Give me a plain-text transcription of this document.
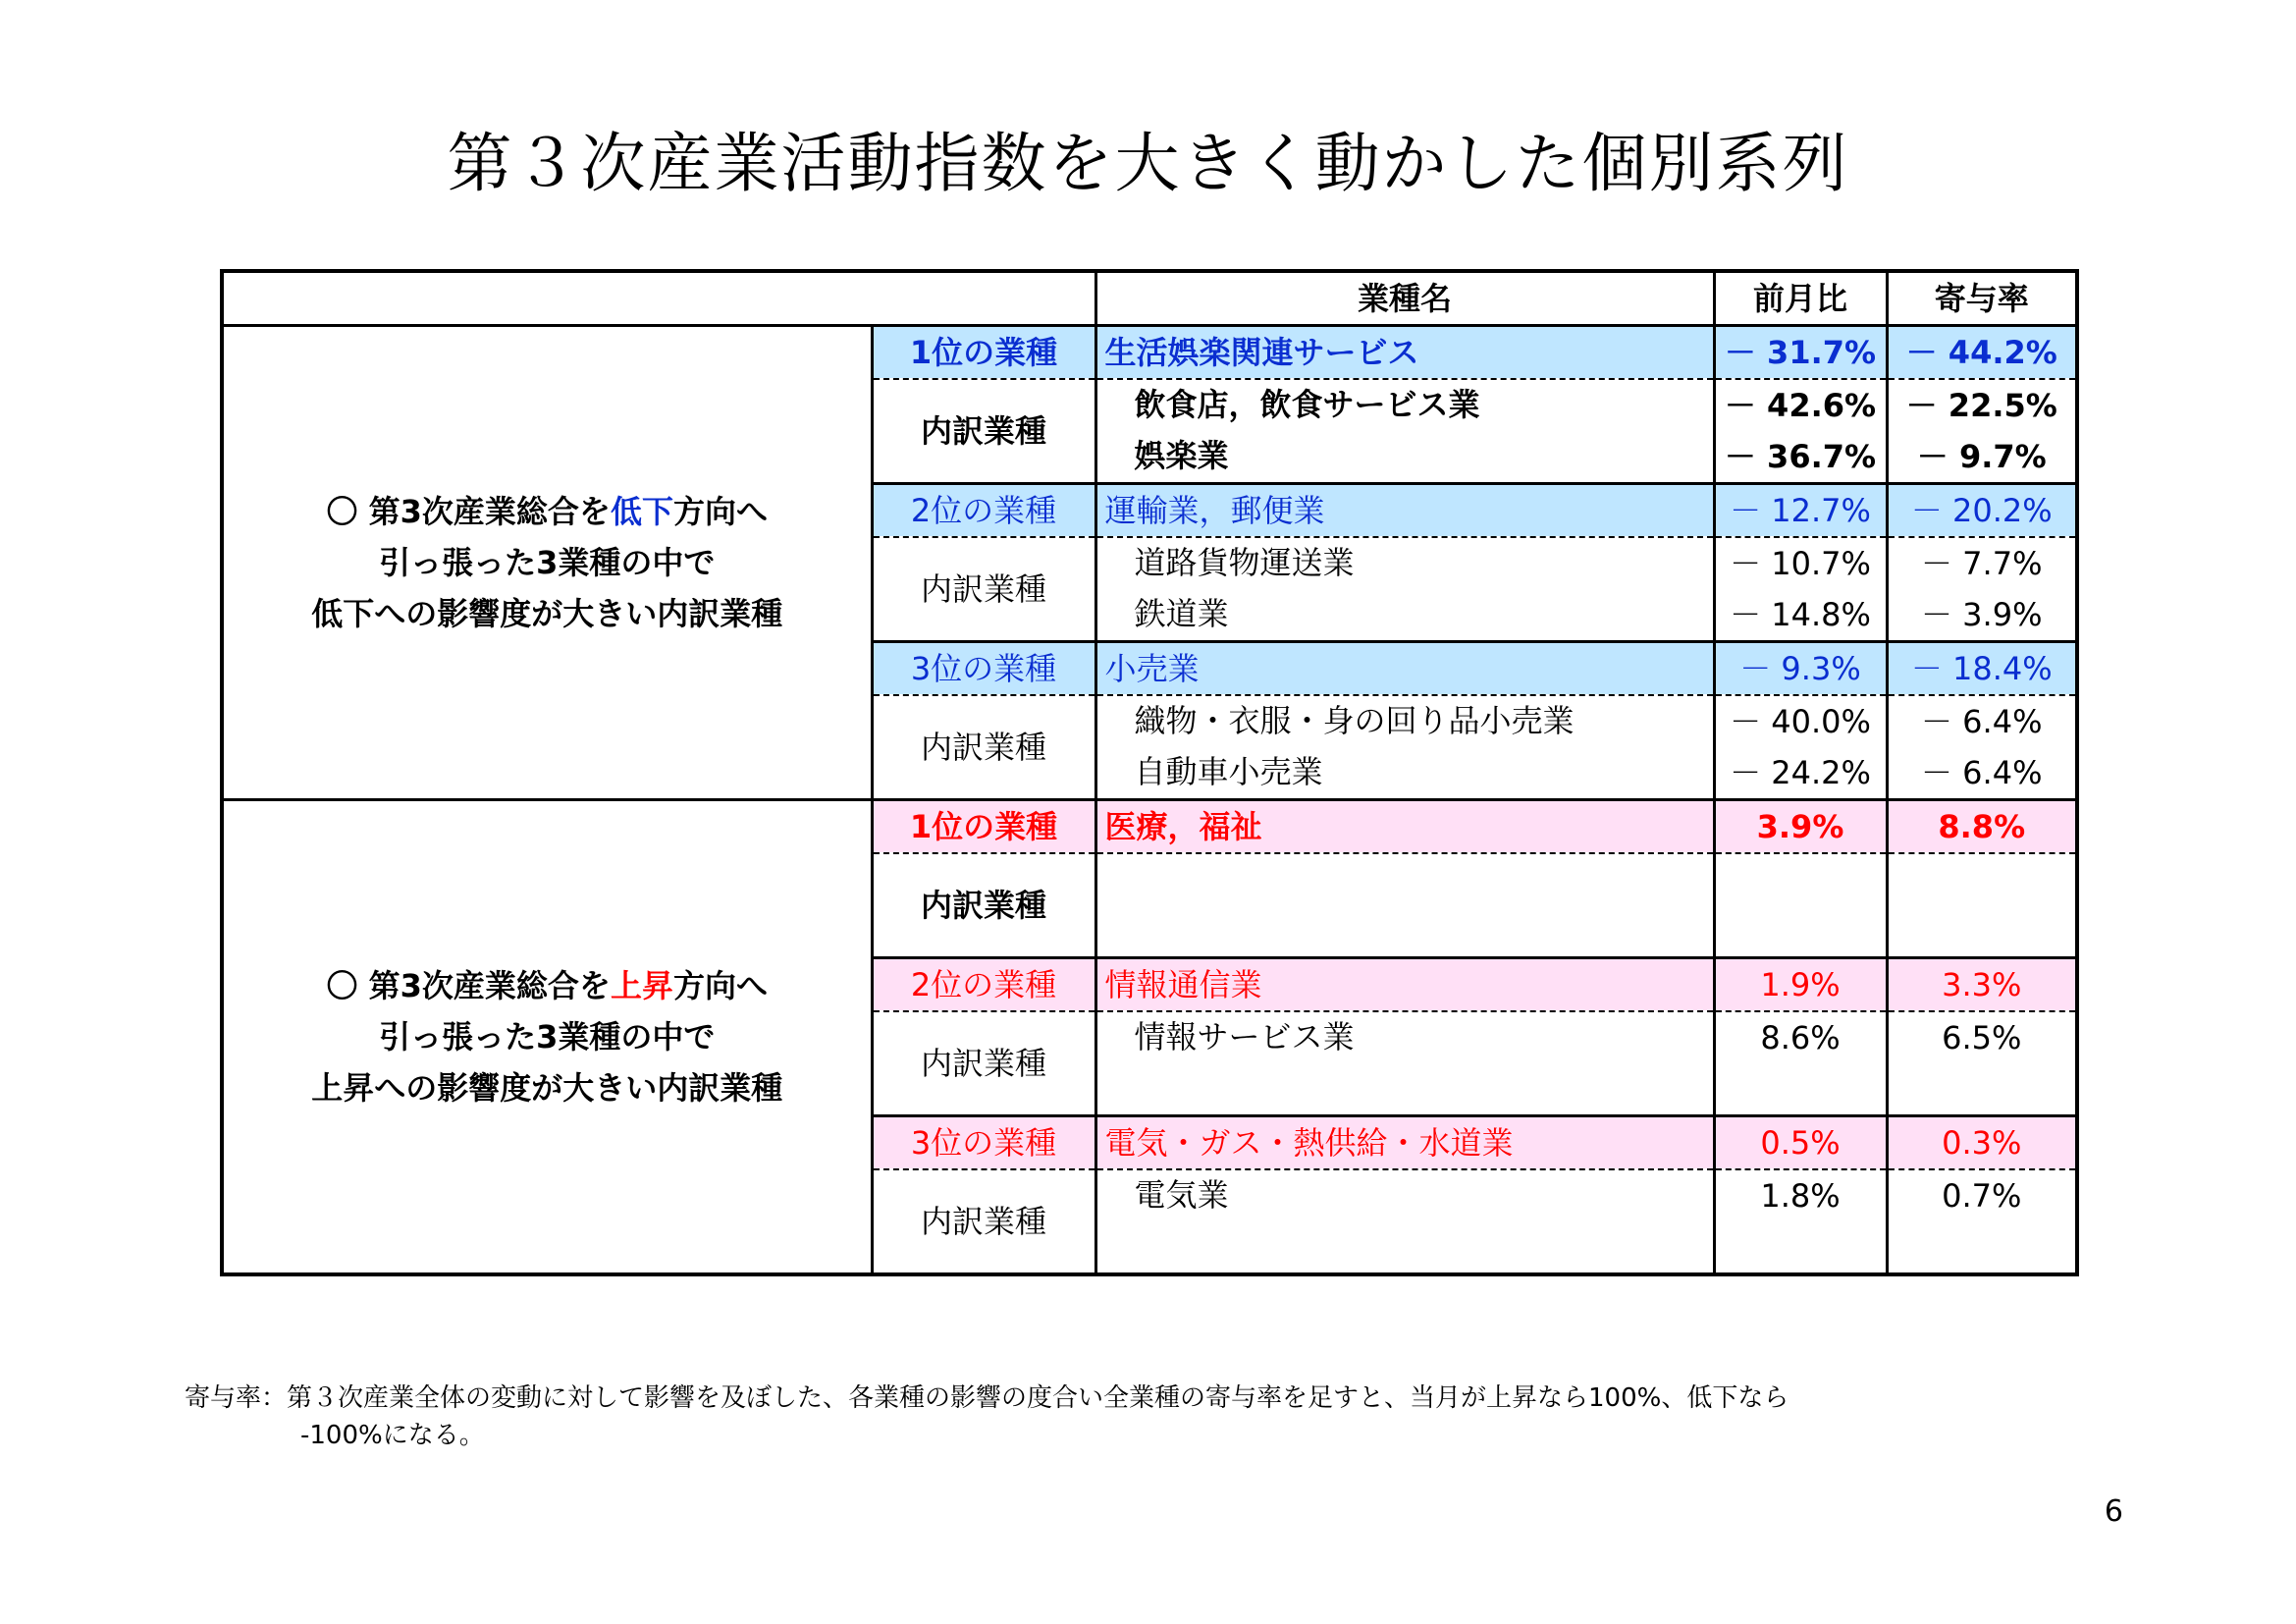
第３次産業活動指数を大きく動かした個別系列
		業種名	前月比	寄与率

〇 第3次産業総合を低下方向へ
引っ張った3業種の中で
低下への影響度が大きい内訳業種	1位の業種	生活娯楽関連サービス	－ 31.7%	－ 44.2%
	内訳業種	飲食店，飲食サービス業	－ 42.6%	－ 22.5%
		娯楽業	－ 36.7%	－ 9.7%
	2位の業種	運輸業，郵便業	－ 12.7%	－ 20.2%
	内訳業種	道路貨物運送業	－ 10.7%	－ 7.7%
		鉄道業	－ 14.8%	－ 3.9%
	3位の業種	小売業	－ 9.3%	－ 18.4%
	内訳業種	織物・衣服・身の回り品小売業	－ 40.0%	－ 6.4%
		自動車小売業	－ 24.2%	－ 6.4%

〇 第3次産業総合を上昇方向へ
引っ張った3業種の中で
上昇への影響度が大きい内訳業種	1位の業種	医療，福祉	3.9%	8.8%
	内訳業種			

	2位の業種	情報通信業	1.9%	3.3%
	内訳業種	情報サービス業	8.6%	6.5%

	3位の業種	電気・ガス・熱供給・水道業	0.5%	0.3%
	内訳業種	電気業	1.8%	0.7%

寄与率：第３次産業全体の変動に対して影響を及ぼした、各業種の影響の度合い全業種の寄与率を足すと、当月が上昇なら100%、低下なら
-100%になる。
6
